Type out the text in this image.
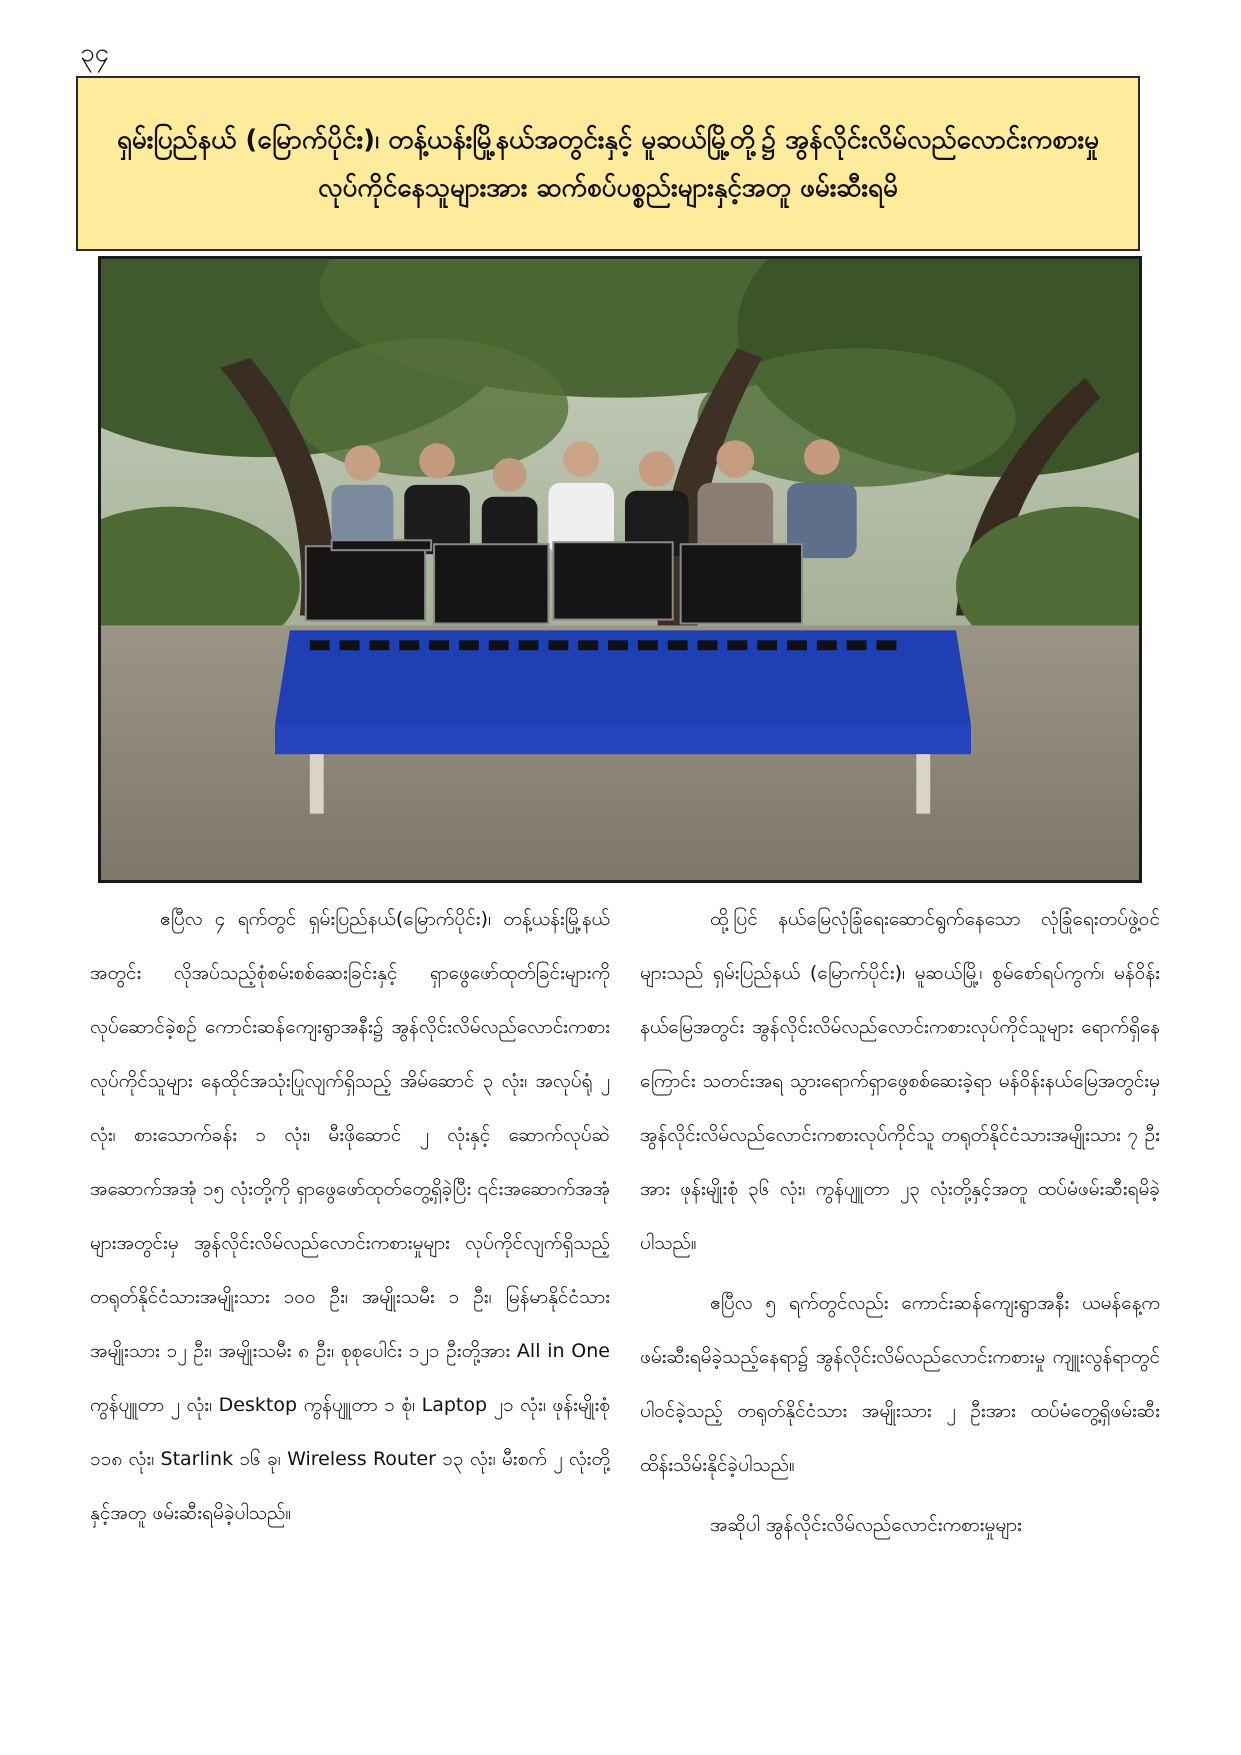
၃၄
ရှမ်းပြည်နယ် (မြောက်ပိုင်း)၊ တန့်ယန်းမြို့နယ်အတွင်းနှင့် မူဆယ်မြို့တို့၌ အွန်လိုင်းလိမ်လည်လောင်းကစားမှုလုပ်ကိုင်နေသူများအား ဆက်စပ်ပစ္စည်းများနှင့်အတူ ဖမ်းဆီးရမိ

ဧပြီလ ၄ ရက်တွင် ရှမ်းပြည်နယ်(မြောက်ပိုင်း)၊ တန့်ယန်းမြို့နယ်အတွင်း လိုအပ်သည့်စုံစမ်းစစ်ဆေးခြင်းနှင့် ရှာဖွေဖော်ထုတ်ခြင်းများကို လုပ်ဆောင်ခဲ့စဉ် ကောင်းဆန်ကျေးရွာအနီး၌ အွန်လိုင်းလိမ်လည်လောင်းကစား လုပ်ကိုင်သူများ နေထိုင်အသုံးပြုလျက်ရှိသည့် အိမ်ဆောင် ၃ လုံး၊ အလုပ်ရုံ ၂ လုံး၊ စားသောက်ခန်း ၁ လုံး၊ မီးဖိုဆောင် ၂ လုံးနှင့် ဆောက်လုပ်ဆဲအဆောက်အအုံ ၁၅ လုံးတို့ကို ရှာဖွေဖော်ထုတ်တွေ့ရှိခဲ့ပြီး ၎င်းအဆောက်အအုံများအတွင်းမှ အွန်လိုင်းလိမ်လည်လောင်းကစားမှုများ လုပ်ကိုင်လျက်ရှိသည့် တရုတ်နိုင်ငံသားအမျိုးသား ၁၀၀ ဦး၊ အမျိုးသမီး ၁ ဦး၊ မြန်မာနိုင်ငံသား အမျိုးသား ၁၂ ဦး၊ အမျိုးသမီး ၈ ဦး၊ စုစုပေါင်း ၁၂၁ ဦးတို့အား All in One ကွန်ပျူတာ ၂ လုံး၊ Desktop ကွန်ပျူတာ ၁ စုံ၊ Laptop ၂၁ လုံး၊ ဖုန်းမျိုးစုံ ၁၁၈ လုံး၊ Starlink ၁၆ ခု၊ Wireless Router ၁၃ လုံး၊ မီးစက် ၂ လုံးတို့နှင့်အတူ ဖမ်းဆီးရမိခဲ့ပါသည်။

ထို့ပြင် နယ်မြေလုံခြုံရေးဆောင်ရွက်နေသော လုံခြုံရေးတပ်ဖွဲ့ဝင်များသည် ရှမ်းပြည်နယ် (မြောက်ပိုင်း)၊ မူဆယ်မြို့၊ စွမ်စော်ရပ်ကွက်၊ မန်ဝိန်းနယ်မြေအတွင်း အွန်လိုင်းလိမ်လည်လောင်းကစားလုပ်ကိုင်သူများ ရောက်ရှိနေကြောင်း သတင်းအရ သွားရောက်ရှာဖွေစစ်ဆေးခဲ့ရာ မန်ဝိန်းနယ်မြေအတွင်းမှ အွန်လိုင်းလိမ်လည်လောင်းကစားလုပ်ကိုင်သူ တရုတ်နိုင်ငံသားအမျိုးသား ၇ ဦးအား ဖုန်းမျိုးစုံ ၃၆ လုံး၊ ကွန်ပျူတာ ၂၃ လုံးတို့နှင့်အတူ ထပ်မံဖမ်းဆီးရမိခဲ့ပါသည်။

ဧပြီလ ၅ ရက်တွင်လည်း ကောင်းဆန်ကျေးရွာအနီး ယမန်နေ့က ဖမ်းဆီးရမိခဲ့သည့်နေရာ၌ အွန်လိုင်းလိမ်လည်လောင်းကစားမှု ကျူးလွန်ရာတွင် ပါဝင်ခဲ့သည့် တရုတ်နိုင်ငံသား အမျိုးသား ၂ ဦးအား ထပ်မံတွေ့ရှိဖမ်းဆီး ထိန်းသိမ်းနိုင်ခဲ့ပါသည်။

အဆိုပါ အွန်လိုင်းလိမ်လည်လောင်းကစားမှုများ
